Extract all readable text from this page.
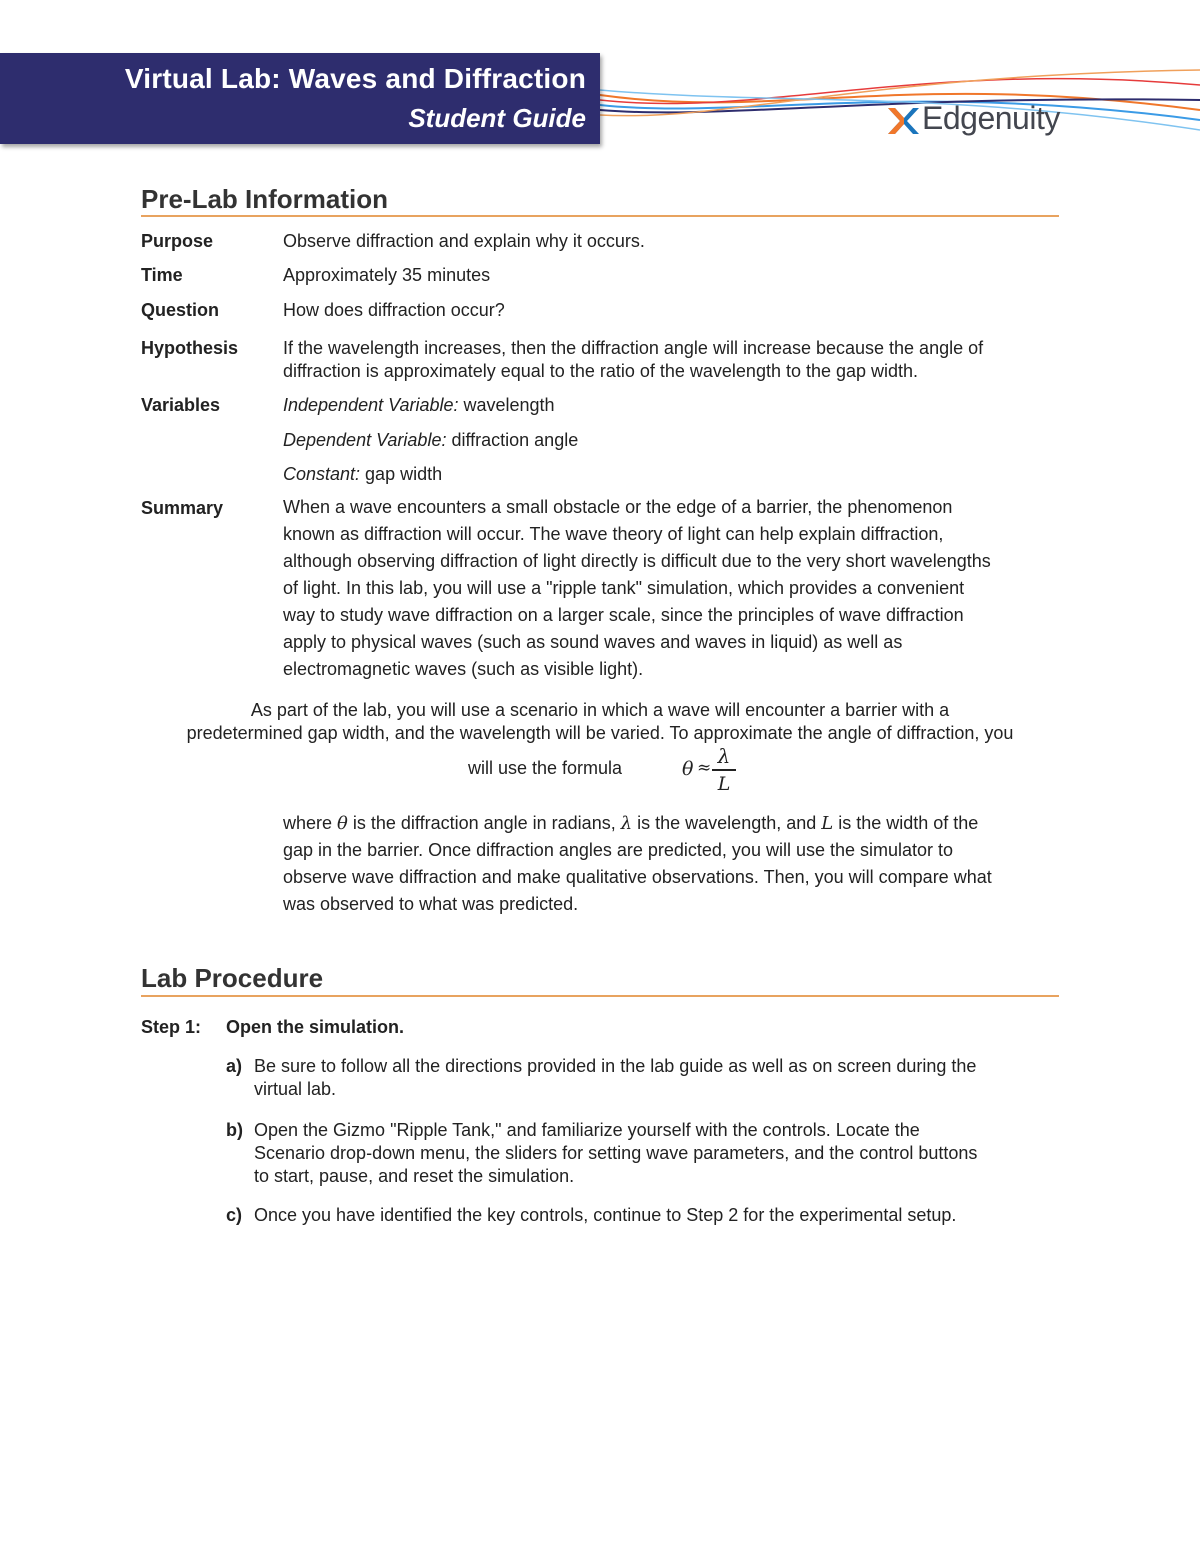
Virtual Lab: Waves and Diffraction
Student Guide	Edgenuity
Pre-Lab Information
Purpose	Observe diffraction and explain why it occurs.
Time	Approximately 35 minutes
Question	How does diffraction occur?
Hypothesis If the wavelength increases, then the diffraction angle will increase because the angle of
diffraction is approximately equal to the ratio of the wavelength to the gap width.
Variables	Independent Variable: wavelength
Dependent Variable: diffraction angle
Constant: gap width
Summary	When a wave encounters a small obstacle or the edge of a barrier, the phenomenon
known as diffraction will occur. The wave theory of light can help explain diffraction,
although observing diffraction of light directly is difficult due to the very short wavelengths
of light. In this lab, you will use a "ripple tank" simulation, which provides a convenient
way to study wave diffraction on a larger scale, since the principles of wave diffraction
apply to physical waves (such as sound waves and waves in liquid) as well as
electromagnetic waves (such as visible light).
As part of the lab, you will use a scenario in which a wave will encounter a barrier with a
predetermined gap width, and the wavelength will be varied. To approximate the angle of diffraction, you
will use the formula	θ ≈ λ
L
where θ is the diffraction angle in radians, λ is the wavelength, and L is the width of the
gap in the barrier. Once diffraction angles are predicted, you will use the simulator to
observe wave diffraction and make qualitative observations. Then, you will compare what
was observed to what was predicted.
Lab Procedure
Step 1: Open the simulation.
a) Be sure to follow all the directions provided in the lab guide as well as on screen during the
virtual lab.
b) Open the Gizmo "Ripple Tank," and familiarize yourself with the controls. Locate the
Scenario drop-down menu, the sliders for setting wave parameters, and the control buttons
to start, pause, and reset the simulation.
c) Once you have identified the key controls, continue to Step 2 for the experimental setup.
